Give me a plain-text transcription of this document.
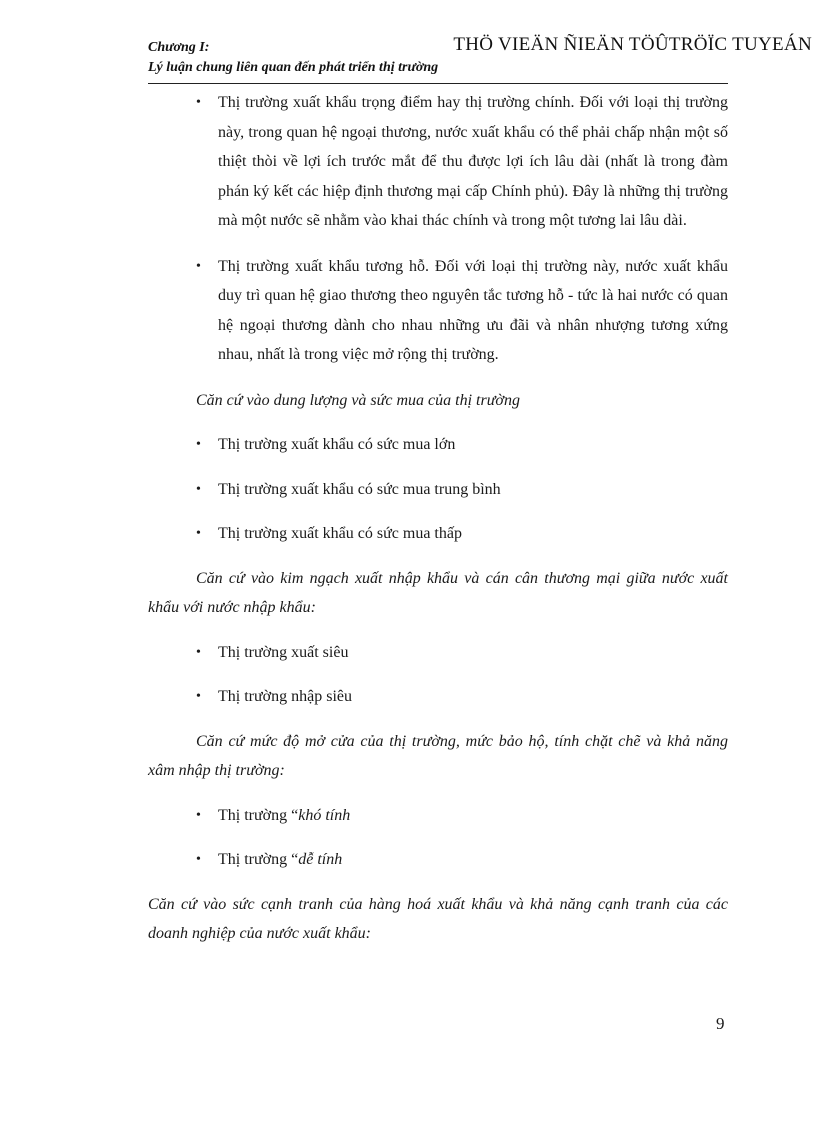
Chương I:
Lý luận chung liên quan đến phát triển thị trường
THÖ VIEÄN ÑIEÄN TÖÛTRÖÏC TUYEÁN
• Thị trường xuất khẩu trọng điểm hay thị trường chính. Đối với loại thị trường này, trong quan hệ ngoại thương, nước xuất khẩu có thể phải chấp nhận một số thiệt thòi về lợi ích trước mắt để thu được lợi ích lâu dài (nhất là trong đàm phán ký kết các hiệp định thương mại cấp Chính phủ). Đây là những thị trường mà một nước sẽ nhằm vào khai thác chính và trong một tương lai lâu dài.
• Thị trường xuất khẩu tương hỗ. Đối với loại thị trường này, nước xuất khẩu duy trì quan hệ giao thương theo nguyên tắc tương hỗ - tức là hai nước có quan hệ ngoại thương dành cho nhau những ưu đãi và nhân nhượng tương xứng nhau, nhất là trong việc mở rộng thị trường.

Căn cứ vào dung lượng và sức mua của thị trường

• Thị trường xuất khẩu có sức mua lớn
• Thị trường xuất khẩu có sức mua trung bình
• Thị trường xuất khẩu có sức mua thấp

Căn cứ vào kim ngạch xuất nhập khẩu và cán cân thương mại giữa nước xuất khẩu với nước nhập khẩu:

• Thị trường xuất siêu
• Thị trường nhập siêu

Căn cứ mức độ mở cửa của thị trường, mức bảo hộ, tính chặt chẽ và khả năng xâm nhập thị trường:

• Thị trường “khó tính
• Thị trường “dễ tính

Căn cứ vào sức cạnh tranh của hàng hoá xuất khẩu và khả năng cạnh tranh của các doanh nghiệp của nước xuất khẩu:

9
